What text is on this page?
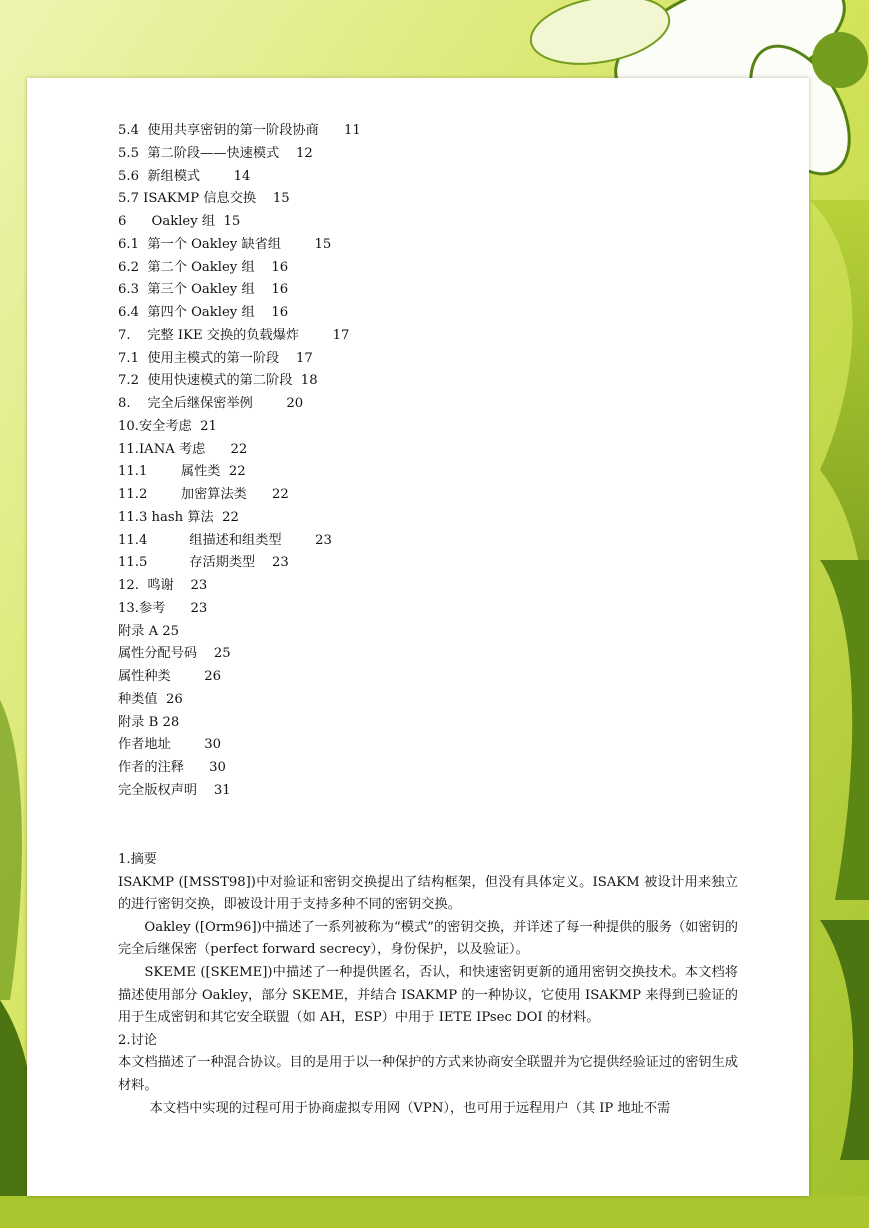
5.4  使用共享密钥的第一阶段协商      11
5.5  第二阶段——快速模式    12
5.6  新组模式        14
5.7 ISAKMP 信息交换    15
6      Oakley 组  15
6.1  第一个 Oakley 缺省组        15
6.2  第二个 Oakley 组    16
6.3  第三个 Oakley 组    16
6.4  第四个 Oakley 组    16
7.    完整 IKE 交换的负载爆炸        17
7.1  使用主模式的第一阶段    17
7.2  使用快速模式的第二阶段  18
8.    完全后继保密举例        20
10.安全考虑  21
11.IANA 考虑      22
11.1        属性类  22
11.2        加密算法类      22
11.3 hash 算法  22
11.4          组描述和组类型        23
11.5          存活期类型    23
12.  鸣谢    23
13.参考      23
附录 A 25
属性分配号码    25
属性种类        26
种类值  26
附录 B 28
作者地址        30
作者的注释      30
完全版权声明    31

1.摘要

ISAKMP ([MSST98])中对验证和密钥交换提出了结构框架，但没有具体定义。ISAKM 被设计用来独立的进行密钥交换，即被设计用于支持多种不同的密钥交换。

Oakley ([Orm96])中描述了一系列被称为“模式”的密钥交换，并详述了每一种提供的服务（如密钥的完全后继保密（perfect forward secrecy），身份保护，以及验证）。

SKEME ([SKEME])中描述了一种提供匿名，否认，和快速密钥更新的通用密钥交换技术。本文档将描述使用部分 Oakley，部分 SKEME，并结合 ISAKMP 的一种协议，它使用 ISAKMP 来得到已验证的用于生成密钥和其它安全联盟（如 AH，ESP）中用于 IETE IPsec DOI 的材料。

2.讨论

本文档描述了一种混合协议。目的是用于以一种保护的方式来协商安全联盟并为它提供经验证过的密钥生成材料。

本文档中实现的过程可用于协商虚拟专用网（VPN），也可用于远程用户（其 IP 地址不需
